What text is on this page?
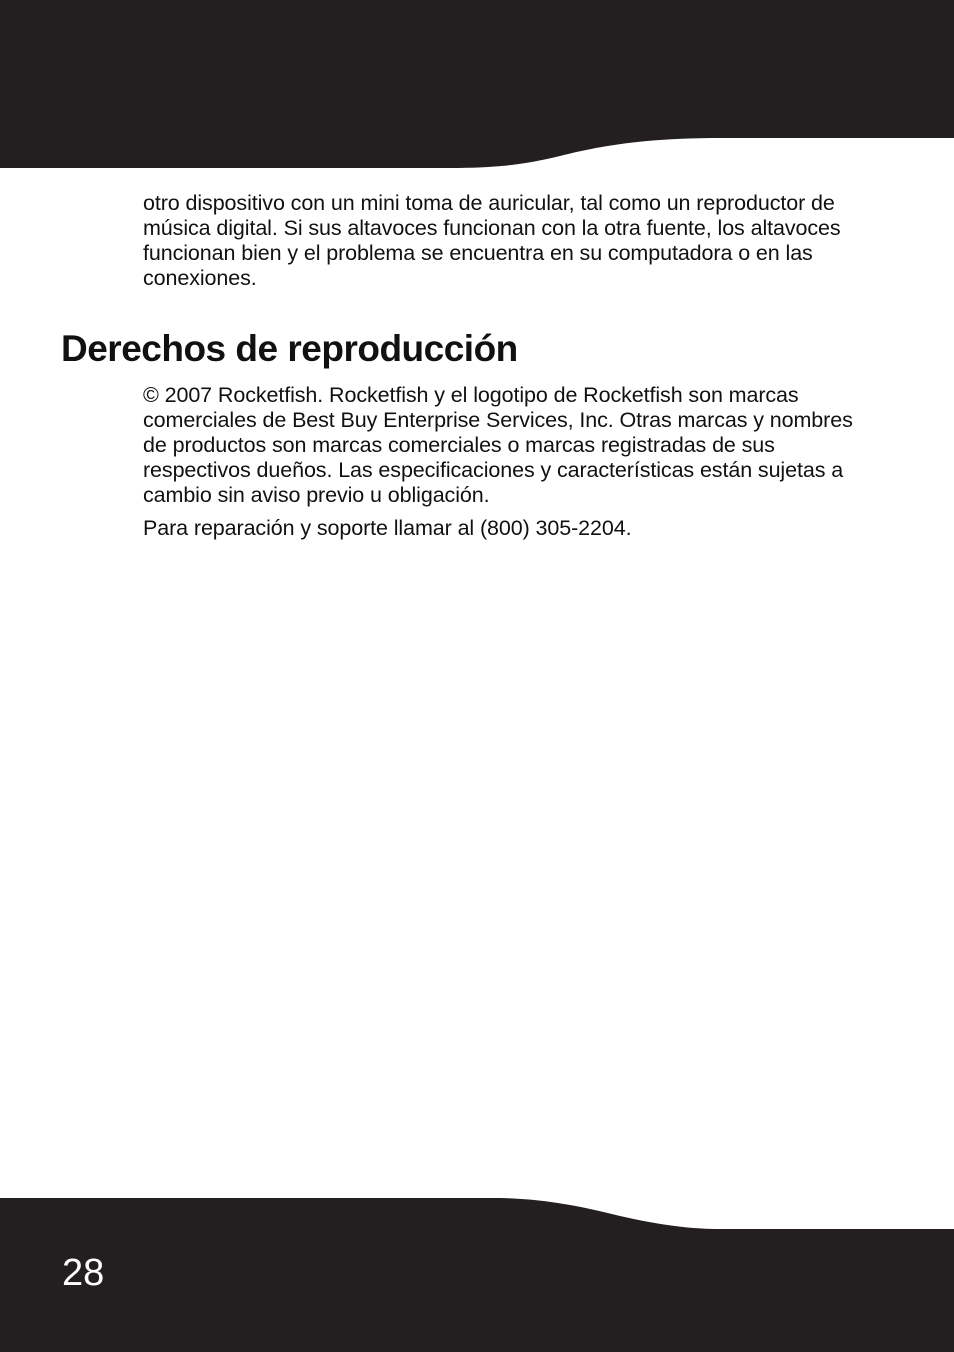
otro dispositivo con un mini toma de auricular, tal como un reproductor de música digital. Si sus altavoces funcionan con la otra fuente, los altavoces funcionan bien y el problema se encuentra en su computadora o en las conexiones.

Derechos de reproducción

© 2007 Rocketfish. Rocketfish y el logotipo de Rocketfish son marcas comerciales de Best Buy Enterprise Services, Inc. Otras marcas y nombres de productos son marcas comerciales o marcas registradas de sus respectivos dueños. Las especificaciones y características están sujetas a cambio sin aviso previo u obligación.

Para reparación y soporte llamar al (800) 305-2204.

28
